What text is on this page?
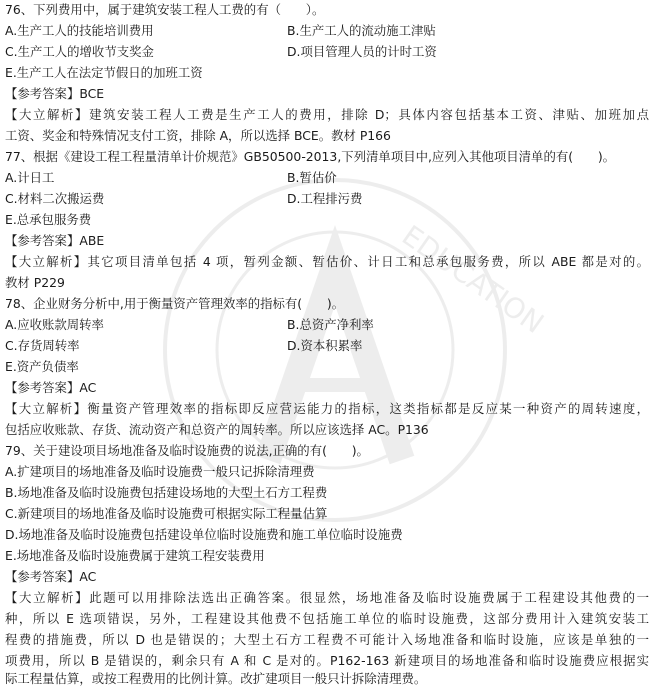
EDUCATION
76、下列费用中，属于建筑安装工程人工费的有（　　）。
A.生产工人的技能培训费用	B.生产工人的流动施工津贴
C.生产工人的增收节支奖金	D.项目管理人员的计时工资
E.生产工人在法定节假日的加班工资
【参考答案】BCE
【大立解析】建筑安装工程人工费是生产工人的费用，排除 D；具体内容包括基本工资、津贴、加班加点
工资、奖金和特殊情况支付工资，排除 A，所以选择 BCE。教材 P166
77、根据《建设工程工程量清单计价规范》GB50500-2013,下列清单项目中,应列入其他项目清单的有(　　)。
A.计日工	B.暂估价
C.材料二次搬运费	D.工程排污费
E.总承包服务费
【参考答案】ABE
【大立解析】其它项目清单包括 4 项，暂列金额、暂估价、计日工和总承包服务费，所以 ABE 都是对的。
教材 P229
78、企业财务分析中,用于衡量资产管理效率的指标有(　　)。
A.应收账款周转率	B.总资产净利率
C.存货周转率	D.资本积累率
E.资产负债率
【参考答案】AC
【大立解析】衡量资产管理效率的指标即反应营运能力的指标，这类指标都是反应某一种资产的周转速度，
包括应收账款、存货、流动资产和总资产的周转率。所以应该选择 AC。P136
79、关于建设项目场地准备及临时设施费的说法,正确的有(　　)。
A.扩建项目的场地准备及临时设施费一般只记拆除清理费
B.场地准备及临时设施费包括建设场地的大型土石方工程费
C.新建项目的场地准备及临时设施费可根据实际工程量估算
D.场地准备及临时设施费包括建设单位临时设施费和施工单位临时设施费
E.场地准备及临时设施费属于建筑工程安装费用
【参考答案】AC
【大立解析】此题可以用排除法选出正确答案。很显然，场地准备及临时设施费属于工程建设其他费的一
种，所以 E 选项错误，另外，工程建设其他费不包括施工单位的临时设施费，这部分费用计入建筑安装工
程费的措施费，所以 D 也是错误的；大型土石方工程费不可能计入场地准备和临时设施，应该是单独的一
项费用，所以 B 是错误的，剩余只有 A 和 C 是对的。P162-163 新建项目的场地准备和临时设施费应根据实
际工程量估算，或按工程费用的比例计算。改扩建项目一般只计拆除清理费。
